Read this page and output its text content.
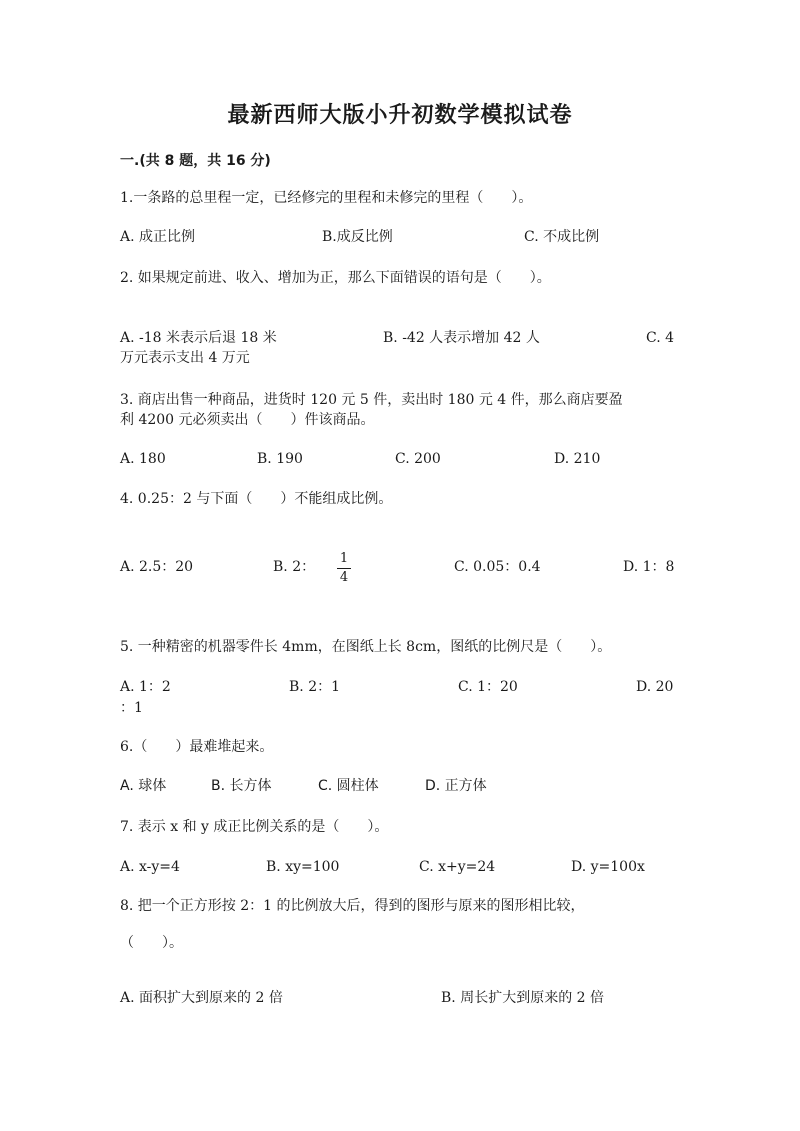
最新西师大版小升初数学模拟试卷
一.(共 8 题，共 16 分)
1.一条路的总里程一定，已经修完的里程和未修完的里程（　　）。
A. 成正比例	B.成反比例	C. 不成比例
2. 如果规定前进、收入、增加为正，那么下面错误的语句是（　　）。
A. -18 米表示后退 18 米	B. -42 人表示增加 42 人	C. 4
万元表示支出 4 万元
3. 商店出售一种商品，进货时 120 元 5 件，卖出时 180 元 4 件，那么商店要盈
利 4200 元必须卖出（　　）件该商品。
A. 180	B. 190	C. 200	D. 210
4. 0.25：2 与下面（　　）不能组成比例。
A. 2.5：20	B. 2：
1
4
C. 0.05：0.4	D. 1：8
5. 一种精密的机器零件长 4mm，在图纸上长 8cm，图纸的比例尺是（　　）。
A. 1：2	B. 2：1	C. 1：20	D. 20
：1
6.（　　）最难堆起来。
A. 球体	B. 长方体	C. 圆柱体	D. 正方体
7. 表示 x 和 y 成正比例关系的是（　　）。
A. x-y=4	B. xy=100	C. x+y=24	D. y=100x
8. 把一个正方形按 2：1 的比例放大后，得到的图形与原来的图形相比较，
（　　）。
A. 面积扩大到原来的 2 倍	B. 周长扩大到原来的 2 倍
